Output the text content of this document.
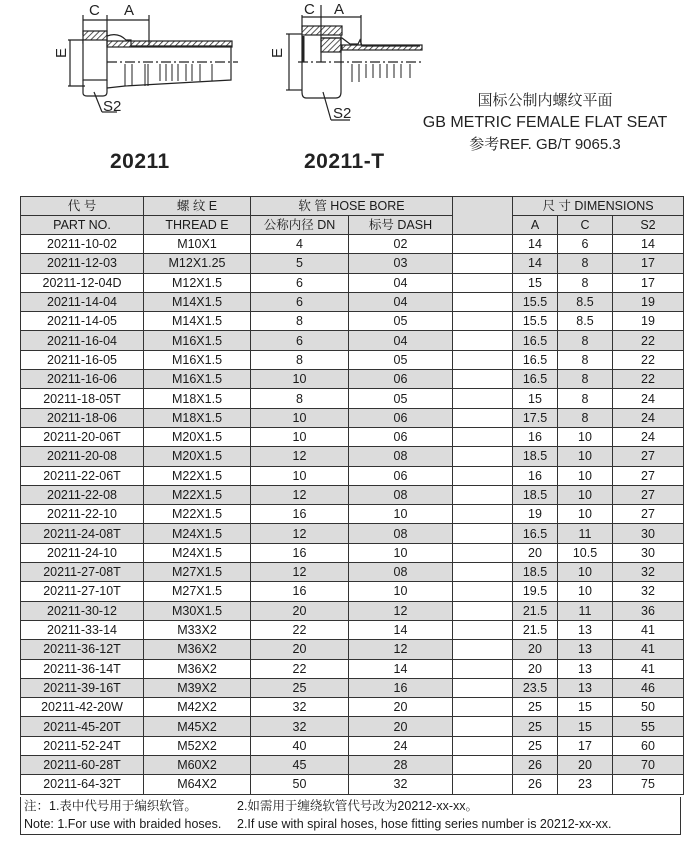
C A
E
S2
20211
C A
E
S2
20211-T
国标公制内螺纹平面
GB METRIC FEMALE FLAT SEAT
参考REF. GB/T 9065.3
代 号	螺 纹 E	软 管 HOSE BORE			尺 寸 DIMENSIONS		
PART NO.	THREAD E	公称内径 DN	标号 DASH		A	C	S2
20211-10-02	M10X1	4	02		14	6	14
20211-12-03	M12X1.25	5	03		14	8	17
20211-12-04D	M12X1.5	6	04		15	8	17
20211-14-04	M14X1.5	6	04		15.5	8.5	19
20211-14-05	M14X1.5	8	05		15.5	8.5	19
20211-16-04	M16X1.5	6	04		16.5	8	22
20211-16-05	M16X1.5	8	05		16.5	8	22
20211-16-06	M16X1.5	10	06		16.5	8	22
20211-18-05T	M18X1.5	8	05		15	8	24
20211-18-06	M18X1.5	10	06		17.5	8	24
20211-20-06T	M20X1.5	10	06		16	10	24
20211-20-08	M20X1.5	12	08		18.5	10	27
20211-22-06T	M22X1.5	10	06		16	10	27
20211-22-08	M22X1.5	12	08		18.5	10	27
20211-22-10	M22X1.5	16	10		19	10	27
20211-24-08T	M24X1.5	12	08		16.5	11	30
20211-24-10	M24X1.5	16	10		20	10.5	30
20211-27-08T	M27X1.5	12	08		18.5	10	32
20211-27-10T	M27X1.5	16	10		19.5	10	32
20211-30-12	M30X1.5	20	12		21.5	11	36
20211-33-14	M33X2	22	14		21.5	13	41
20211-36-12T	M36X2	20	12		20	13	41
20211-36-14T	M36X2	22	14		20	13	41
20211-39-16T	M39X2	25	16		23.5	13	46
20211-42-20W	M42X2	32	20		25	15	50
20211-45-20T	M45X2	32	20		25	15	55
20211-52-24T	M52X2	40	24		25	17	60
20211-60-28T	M60X2	45	28		26	20	70
20211-64-32T	M64X2	50	32		26	23	75
注：1.表中代号用于编织软管。	2.如需用于缠绕软管代号改为20212-xx-xx。
Note: 1.For use with braided hoses. 2.If use with spiral hoses, hose fitting series number is 20212-xx-xx.
